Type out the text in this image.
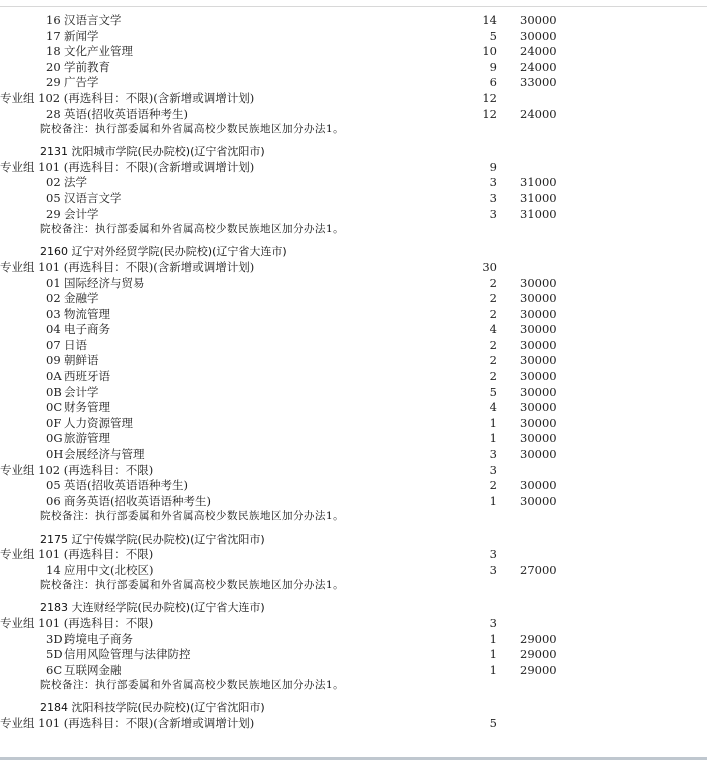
16 汉语言文学	14 30000
17 新闻学	5 30000
18 文化产业管理	10 24000
20 学前教育	9 24000
29 广告学	6 33000
专业组 102 (再选科目：不限)(含新增或调增计划)	12
28 英语(招收英语语种考生)	12 24000
院校备注：执行部委属和外省属高校少数民族地区加分办法1。
2131 沈阳城市学院(民办院校)(辽宁省沈阳市)
专业组 101 (再选科目：不限)(含新增或调增计划)	9
02 法学	3 31000
05 汉语言文学	3 31000
29 会计学	3 31000
院校备注：执行部委属和外省属高校少数民族地区加分办法1。
2160 辽宁对外经贸学院(民办院校)(辽宁省大连市)
专业组 101 (再选科目：不限)(含新增或调增计划)	30
01 国际经济与贸易	2 30000
02 金融学	2 30000
03 物流管理	2 30000
04 电子商务	4 30000
07 日语	2 30000
09 朝鲜语	2 30000
0A 西班牙语	2 30000
0B 会计学	5 30000
0C 财务管理	4 30000
0F 人力资源管理	1 30000
0G 旅游管理	1 30000
0H 会展经济与管理	3 30000
专业组 102 (再选科目：不限)	3
05 英语(招收英语语种考生)	2 30000
06 商务英语(招收英语语种考生)	1 30000
院校备注：执行部委属和外省属高校少数民族地区加分办法1。
2175 辽宁传媒学院(民办院校)(辽宁省沈阳市)
专业组 101 (再选科目：不限)	3
14 应用中文(北校区)	3 27000
院校备注：执行部委属和外省属高校少数民族地区加分办法1。
2183 大连财经学院(民办院校)(辽宁省大连市)
专业组 101 (再选科目：不限)	3
3D 跨境电子商务	1 29000
5D 信用风险管理与法律防控	1 29000
6C 互联网金融	1 29000
院校备注：执行部委属和外省属高校少数民族地区加分办法1。
2184 沈阳科技学院(民办院校)(辽宁省沈阳市)
专业组 101 (再选科目：不限)(含新增或调增计划)	5
